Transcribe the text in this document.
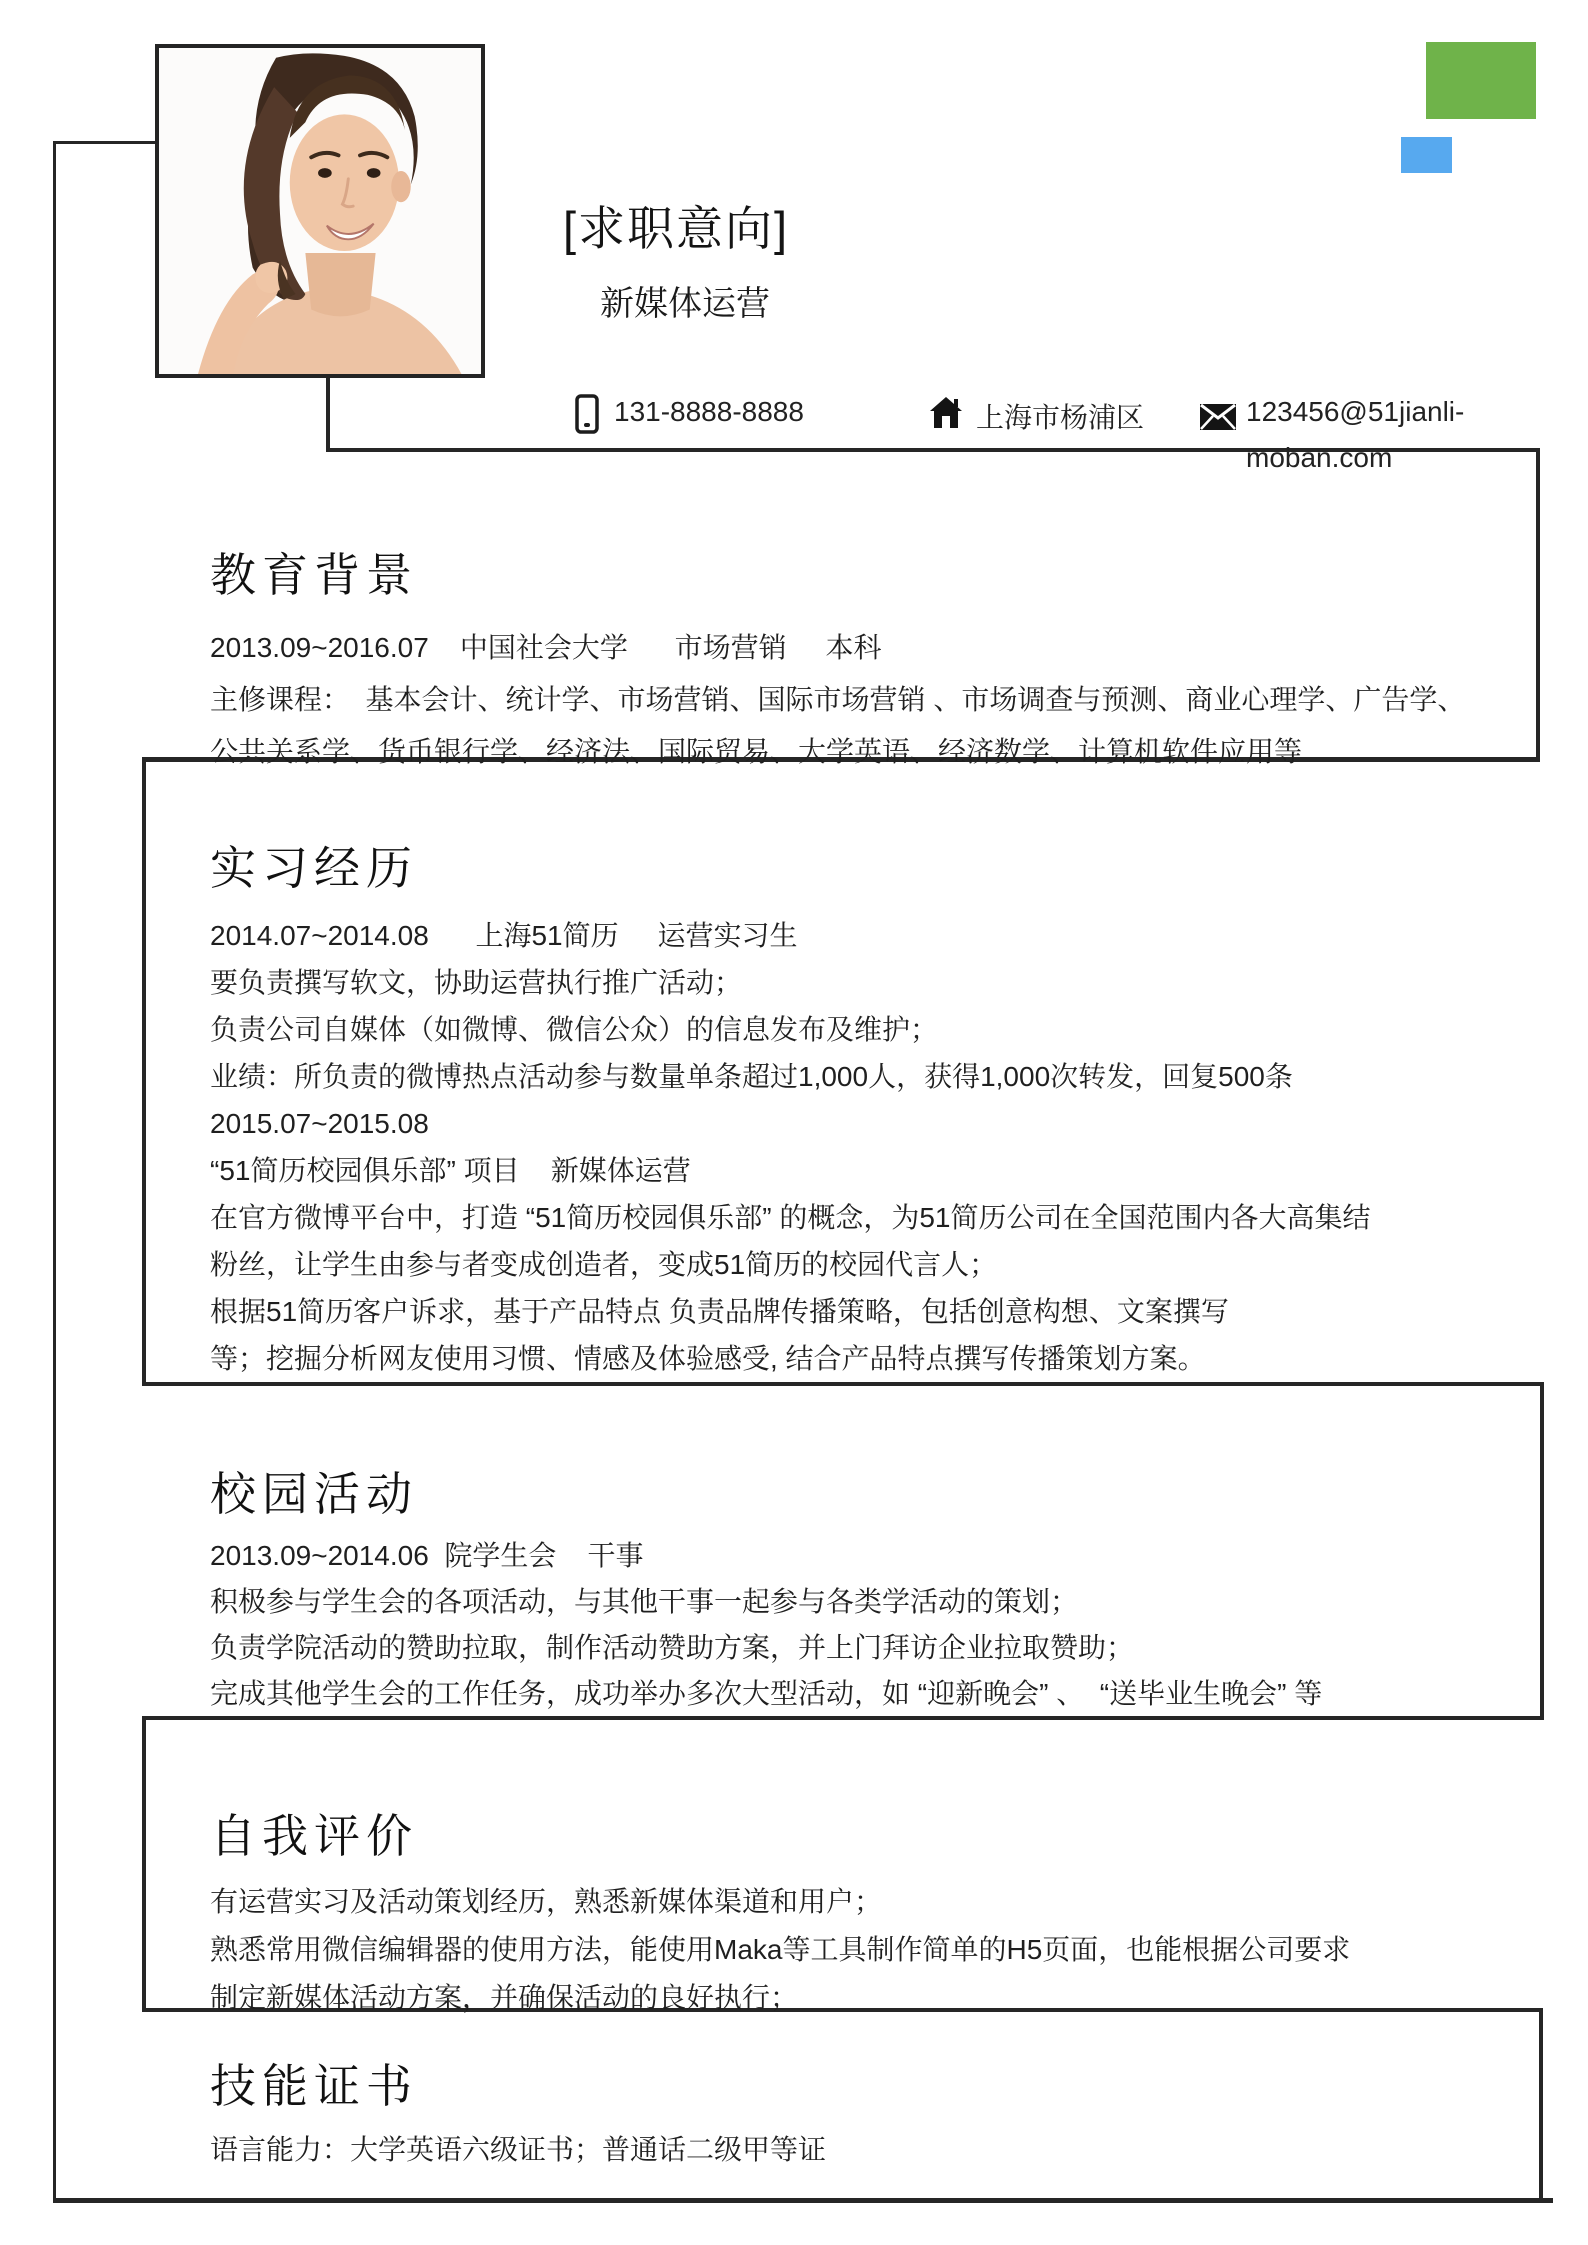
[求职意向]
新媒体运营
131-8888-8888	上海市杨浦区	123456@51jianli-
moban.com
教育背景
2013.09~2016.07    中国社会大学      市场营销     本科
主修课程：  基本会计、统计学、市场营销、国际市场营销 、市场调查与预测、商业心理学、广告学、
公共关系学、货币银行学、经济法、国际贸易、大学英语、经济数学、计算机软件应用等
实习经历
2014.07~2014.08      上海51简历     运营实习生
要负责撰写软文，协助运营执行推广活动；
负责公司自媒体（如微博、微信公众）的信息发布及维护；
业绩：所负责的微博热点活动参与数量单条超过1,000人，获得1,000次转发，回复500条
2015.07~2015.08
“51简历校园俱乐部” 项目    新媒体运营
在官方微博平台中，打造 “51简历校园俱乐部” 的概念，为51简历公司在全国范围内各大高集结
粉丝，让学生由参与者变成创造者，变成51简历的校园代言人；
根据51简历客户诉求，基于产品特点 负责品牌传播策略，包括创意构想、文案撰写
等；挖掘分析网友使用习惯、情感及体验感受, 结合产品特点撰写传播策划方案。
校园活动
2013.09~2014.06  院学生会    干事
积极参与学生会的各项活动，与其他干事一起参与各类学活动的策划；
负责学院活动的赞助拉取，制作活动赞助方案，并上门拜访企业拉取赞助；
完成其他学生会的工作任务，成功举办多次大型活动，如 “迎新晚会” 、  “送毕业生晚会” 等
自我评价
有运营实习及活动策划经历，熟悉新媒体渠道和用户；
熟悉常用微信编辑器的使用方法，能使用Maka等工具制作简单的H5页面，也能根据公司要求
制定新媒体活动方案，并确保活动的良好执行；
技能证书
语言能力：大学英语六级证书；普通话二级甲等证
